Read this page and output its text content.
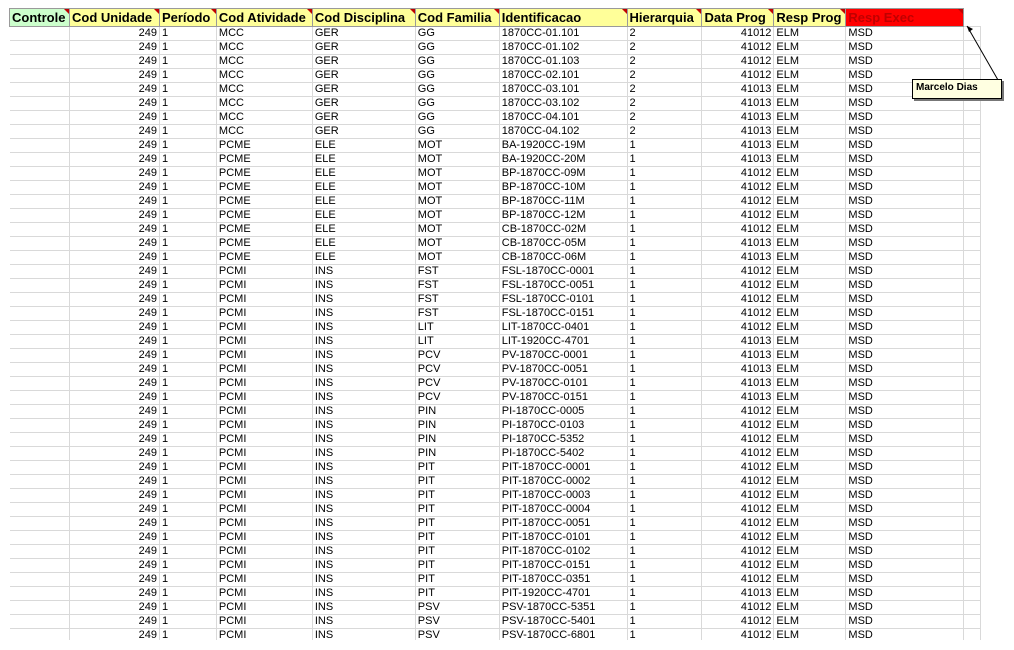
Controle	Cod Unidade	Período	Cod Atividade	Cod Disciplina	Cod Familia	Identificacao	Hierarquia	Data Prog	Resp Prog	Resp Exec

	249	1	MCC	GER	GG	1870CC-01.101	2	41012	ELM	MSD	
	249	1	MCC	GER	GG	1870CC-01.102	2	41012	ELM	MSD	
	249	1	MCC	GER	GG	1870CC-01.103	2	41012	ELM	MSD	
	249	1	MCC	GER	GG	1870CC-02.101	2	41012	ELM	MSD	
	249	1	MCC	GER	GG	1870CC-03.101	2	41013	ELM	MSD	
	249	1	MCC	GER	GG	1870CC-03.102	2	41013	ELM	MSD	
	249	1	MCC	GER	GG	1870CC-04.101	2	41013	ELM	MSD	
	249	1	MCC	GER	GG	1870CC-04.102	2	41013	ELM	MSD	
	249	1	PCME	ELE	MOT	BA-1920CC-19M	1	41013	ELM	MSD	
	249	1	PCME	ELE	MOT	BA-1920CC-20M	1	41013	ELM	MSD	
	249	1	PCME	ELE	MOT	BP-1870CC-09M	1	41012	ELM	MSD	
	249	1	PCME	ELE	MOT	BP-1870CC-10M	1	41012	ELM	MSD	
	249	1	PCME	ELE	MOT	BP-1870CC-11M	1	41012	ELM	MSD	
	249	1	PCME	ELE	MOT	BP-1870CC-12M	1	41012	ELM	MSD	
	249	1	PCME	ELE	MOT	CB-1870CC-02M	1	41012	ELM	MSD	
	249	1	PCME	ELE	MOT	CB-1870CC-05M	1	41013	ELM	MSD	
	249	1	PCME	ELE	MOT	CB-1870CC-06M	1	41013	ELM	MSD	
	249	1	PCMI	INS	FST	FSL-1870CC-0001	1	41012	ELM	MSD	
	249	1	PCMI	INS	FST	FSL-1870CC-0051	1	41012	ELM	MSD	
	249	1	PCMI	INS	FST	FSL-1870CC-0101	1	41012	ELM	MSD	
	249	1	PCMI	INS	FST	FSL-1870CC-0151	1	41012	ELM	MSD	
	249	1	PCMI	INS	LIT	LIT-1870CC-0401	1	41012	ELM	MSD	
	249	1	PCMI	INS	LIT	LIT-1920CC-4701	1	41013	ELM	MSD	
	249	1	PCMI	INS	PCV	PV-1870CC-0001	1	41013	ELM	MSD	
	249	1	PCMI	INS	PCV	PV-1870CC-0051	1	41013	ELM	MSD	
	249	1	PCMI	INS	PCV	PV-1870CC-0101	1	41013	ELM	MSD	
	249	1	PCMI	INS	PCV	PV-1870CC-0151	1	41013	ELM	MSD	
	249	1	PCMI	INS	PIN	PI-1870CC-0005	1	41012	ELM	MSD	
	249	1	PCMI	INS	PIN	PI-1870CC-0103	1	41012	ELM	MSD	
	249	1	PCMI	INS	PIN	PI-1870CC-5352	1	41012	ELM	MSD	
	249	1	PCMI	INS	PIN	PI-1870CC-5402	1	41012	ELM	MSD	
	249	1	PCMI	INS	PIT	PIT-1870CC-0001	1	41012	ELM	MSD	
	249	1	PCMI	INS	PIT	PIT-1870CC-0002	1	41012	ELM	MSD	
	249	1	PCMI	INS	PIT	PIT-1870CC-0003	1	41012	ELM	MSD	
	249	1	PCMI	INS	PIT	PIT-1870CC-0004	1	41012	ELM	MSD	
	249	1	PCMI	INS	PIT	PIT-1870CC-0051	1	41012	ELM	MSD	
	249	1	PCMI	INS	PIT	PIT-1870CC-0101	1	41012	ELM	MSD	
	249	1	PCMI	INS	PIT	PIT-1870CC-0102	1	41012	ELM	MSD	
	249	1	PCMI	INS	PIT	PIT-1870CC-0151	1	41012	ELM	MSD	
	249	1	PCMI	INS	PIT	PIT-1870CC-0351	1	41012	ELM	MSD	
	249	1	PCMI	INS	PIT	PIT-1920CC-4701	1	41013	ELM	MSD	
	249	1	PCMI	INS	PSV	PSV-1870CC-5351	1	41012	ELM	MSD	
	249	1	PCMI	INS	PSV	PSV-1870CC-5401	1	41012	ELM	MSD	
	249	1	PCMI	INS	PSV	PSV-1870CC-6801	1	41012	ELM	MSD	
Marcelo Dias
